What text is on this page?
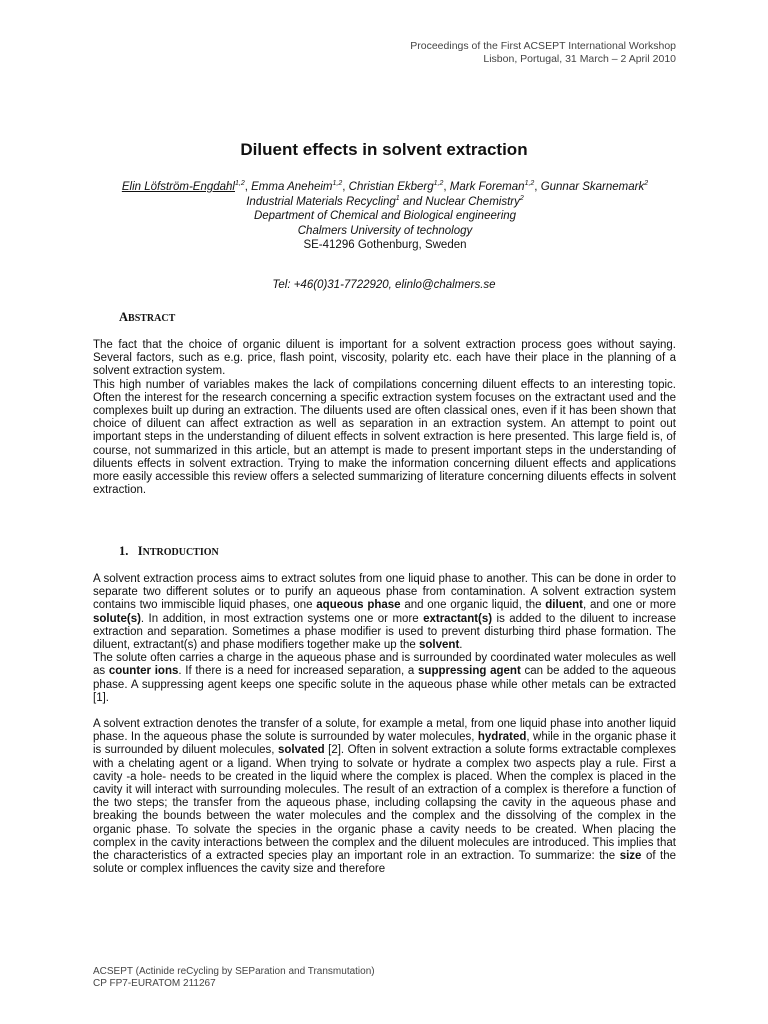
Proceedings of the First ACSEPT International Workshop
Lisbon, Portugal, 31 March – 2 April 2010
Diluent effects in solvent extraction
Elin Löfström-Engdahl$^{1,2}$, Emma Aneheim$^{1,2}$, Christian Ekberg$^{1,2}$, Mark Foreman$^{1,2}$, Gunnar Skarnemark$^2$
Industrial Materials Recycling$^1$ and Nuclear Chemistry$^2$
Department of Chemical and Biological engineering
Chalmers University of technology
SE-41296 Gothenburg, Sweden
Tel: +46(0)31-7722920, elinlo@chalmers.se
ABSTRACT

The fact that the choice of organic diluent is important for a solvent extraction process goes without saying. Several factors, such as e.g. price, flash point, viscosity, polarity etc. each have their place in the planning of a solvent extraction system.

This high number of variables makes the lack of compilations concerning diluent effects to an interesting topic. Often the interest for the research concerning a specific extraction system focuses on the extractant used and the complexes built up during an extraction. The diluents used are often classical ones, even if it has been shown that choice of diluent can affect extraction as well as separation in an extraction system. An attempt to point out important steps in the understanding of diluent effects in solvent extraction is here presented. This large field is, of course, not summarized in this article, but an attempt is made to present important steps in the understanding of diluents effects in solvent extraction. Trying to make the information concerning diluent effects and applications more easily accessible this review offers a selected summarizing of literature concerning diluents effects in solvent extraction.

1. INTRODUCTION

A solvent extraction process aims to extract solutes from one liquid phase to another. This can be done in order to separate two different solutes or to purify an aqueous phase from contamination. A solvent extraction system contains two immiscible liquid phases, one aqueous phase and one organic liquid, the diluent, and one or more solute(s). In addition, in most extraction systems one or more extractant(s) is added to the diluent to increase extraction and separation. Sometimes a phase modifier is used to prevent disturbing third phase formation. The diluent, extractant(s) and phase modifiers together make up the solvent.

The solute often carries a charge in the aqueous phase and is surrounded by coordinated water molecules as well as counter ions. If there is a need for increased separation, a suppressing agent can be added to the aqueous phase. A suppressing agent keeps one specific solute in the aqueous phase while other metals can be extracted [1].

A solvent extraction denotes the transfer of a solute, for example a metal, from one liquid phase into another liquid phase. In the aqueous phase the solute is surrounded by water molecules, hydrated, while in the organic phase it is surrounded by diluent molecules, solvated [2]. Often in solvent extraction a solute forms extractable complexes with a chelating agent or a ligand. When trying to solvate or hydrate a complex two aspects play a rule. First a cavity -a hole- needs to be created in the liquid where the complex is placed. When the complex is placed in the cavity it will interact with surrounding molecules. The result of an extraction of a complex is therefore a function of the two steps; the transfer from the aqueous phase, including collapsing the cavity in the aqueous phase and breaking the bounds between the water molecules and the complex and the dissolving of the complex in the organic phase. To solvate the species in the organic phase a cavity needs to be created. When placing the complex in the cavity interactions between the complex and the diluent molecules are introduced. This implies that the characteristics of a extracted species play an important role in an extraction. To summarize: the size of the solute or complex influences the cavity size and therefore

ACSEPT (Actinide reCycling by SEParation and Transmutation)
CP FP7-EURATOM 211267
